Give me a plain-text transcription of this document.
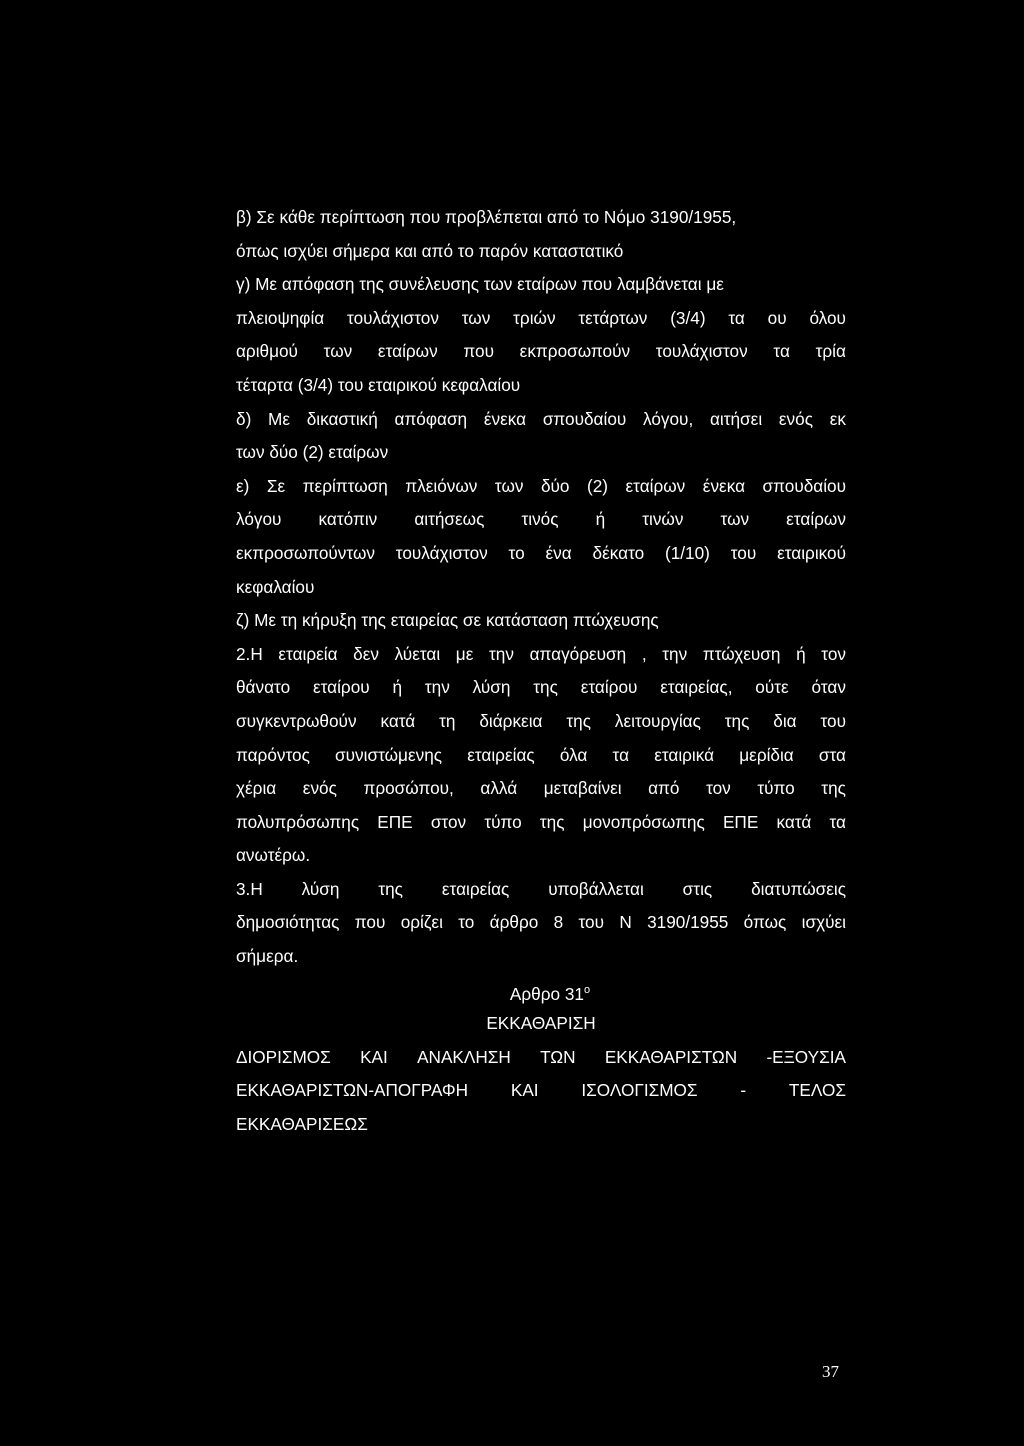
β) Σε κάθε περίπτωση που προβλέπεται από το Νόμο 3190/1955,
όπως ισχύει σήμερα και από το παρόν καταστατικό
γ) Με απόφαση της συνέλευσης των εταίρων που λαμβάνεται με
πλειοψηφία τουλάχιστον των τριών τετάρτων (3/4) τα ου όλου
αριθμού των εταίρων που εκπροσωπούν τουλάχιστον τα τρία
τέταρτα (3/4) του εταιρικού κεφαλαίου
δ) Με δικαστική απόφαση ένεκα σπουδαίου λόγου, αιτήσει ενός εκ
των δύο (2) εταίρων
ε) Σε περίπτωση πλειόνων των δύο (2) εταίρων ένεκα σπουδαίου
λόγου κατόπιν αιτήσεως τινός ή τινών των εταίρων
εκπροσωπούντων τουλάχιστον το ένα δέκατο (1/10) του εταιρικού
κεφαλαίου
ζ) Με τη κήρυξη της εταιρείας σε κατάσταση πτώχευσης
2.Η εταιρεία δεν λύεται με την απαγόρευση , την πτώχευση ή τον
θάνατο εταίρου ή την λύση της εταίρου εταιρείας, ούτε όταν
συγκεντρωθούν κατά τη διάρκεια της λειτουργίας της δια του
παρόντος συνιστώμενης εταιρείας όλα τα εταιρικά μερίδια στα
χέρια ενός προσώπου, αλλά μεταβαίνει από τον τύπο της
πολυπρόσωπης ΕΠΕ στον τύπο της μονοπρόσωπης ΕΠΕ κατά τα
ανωτέρω.
3.Η λύση της εταιρείας υποβάλλεται στις διατυπώσεις
δημοσιότητας που ορίζει το άρθρο 8 του Ν 3190/1955 όπως ισχύει
σήμερα.
Αρθρο $31^o$
ΕΚΚΑΘΑΡΙΣΗ
ΔΙΟΡΙΣΜΟΣ ΚΑΙ ΑΝΑΚΛΗΣΗ ΤΩΝ ΕΚΚΑΘΑΡΙΣΤΩΝ -ΕΞΟΥΣΙΑ
ΕΚΚΑΘΑΡΙΣΤΩΝ-ΑΠΟΓΡΑΦΗ ΚΑΙ ΙΣΟΛΟΓΙΣΜΟΣ - ΤΕΛΟΣ
ΕΚΚΑΘΑΡΙΣΕΩΣ
37
